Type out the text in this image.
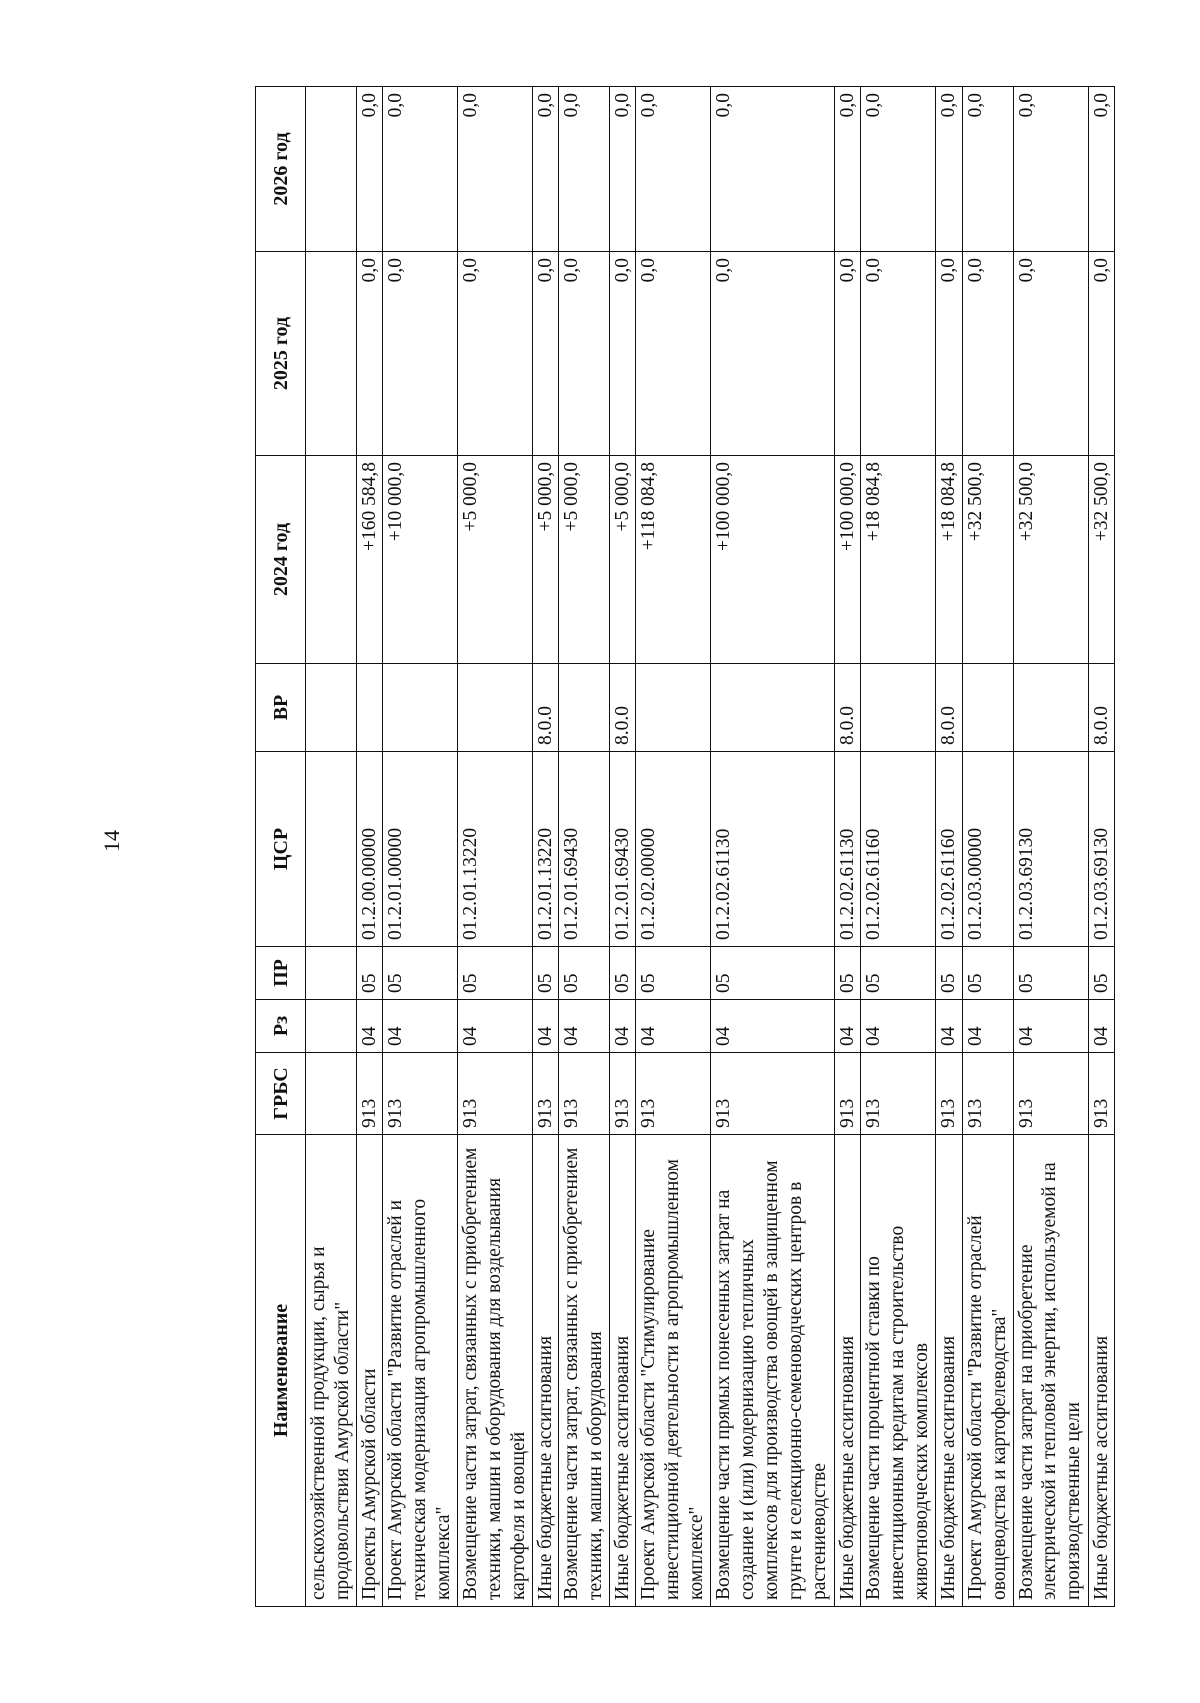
14
Наименование	ГРБС	Рз	ПР	ЦСР	ВР	2024 год	2025 год	2026 год
сельскохозяйственной продукции, сырья и продовольствия Амурской области"								
Проекты Амурской области	913	04	05	01.2.00.00000		+160 584,8	0,0	0,0
Проект Амурской области "Развитие отраслей и техническая модернизация агропромышленного комплекса"	913	04	05	01.2.01.00000		+10 000,0	0,0	0,0
Возмещение части затрат, связанных с приобретением техники, машин и оборудования для возделывания картофеля и овощей	913	04	05	01.2.01.13220		+5 000,0	0,0	0,0
Иные бюджетные ассигнования	913	04	05	01.2.01.13220	8.0.0	+5 000,0	0,0	0,0
Возмещение части затрат, связанных с приобретением техники, машин и оборудования	913	04	05	01.2.01.69430		+5 000,0	0,0	0,0
Иные бюджетные ассигнования	913	04	05	01.2.01.69430	8.0.0	+5 000,0	0,0	0,0
Проект Амурской области "Стимулирование инвестиционной деятельности в агропромышленном комплексе"	913	04	05	01.2.02.00000		+118 084,8	0,0	0,0
Возмещение части прямых понесенных затрат на создание и (или) модернизацию тепличных комплексов для производства овощей в защищенном грунте и селекционно-семеноводческих центров в растениеводстве	913	04	05	01.2.02.61130		+100 000,0	0,0	0,0
Иные бюджетные ассигнования	913	04	05	01.2.02.61130	8.0.0	+100 000,0	0,0	0,0
Возмещение части процентной ставки по инвестиционным кредитам на строительство животноводческих комплексов	913	04	05	01.2.02.61160		+18 084,8	0,0	0,0
Иные бюджетные ассигнования	913	04	05	01.2.02.61160	8.0.0	+18 084,8	0,0	0,0
Проект Амурской области "Развитие отраслей овощеводства и картофелеводства"	913	04	05	01.2.03.00000		+32 500,0	0,0	0,0
Возмещение части затрат на приобретение электрической и тепловой энергии, используемой на производственные цели	913	04	05	01.2.03.69130		+32 500,0	0,0	0,0
Иные бюджетные ассигнования	913	04	05	01.2.03.69130	8.0.0	+32 500,0	0,0	0,0
